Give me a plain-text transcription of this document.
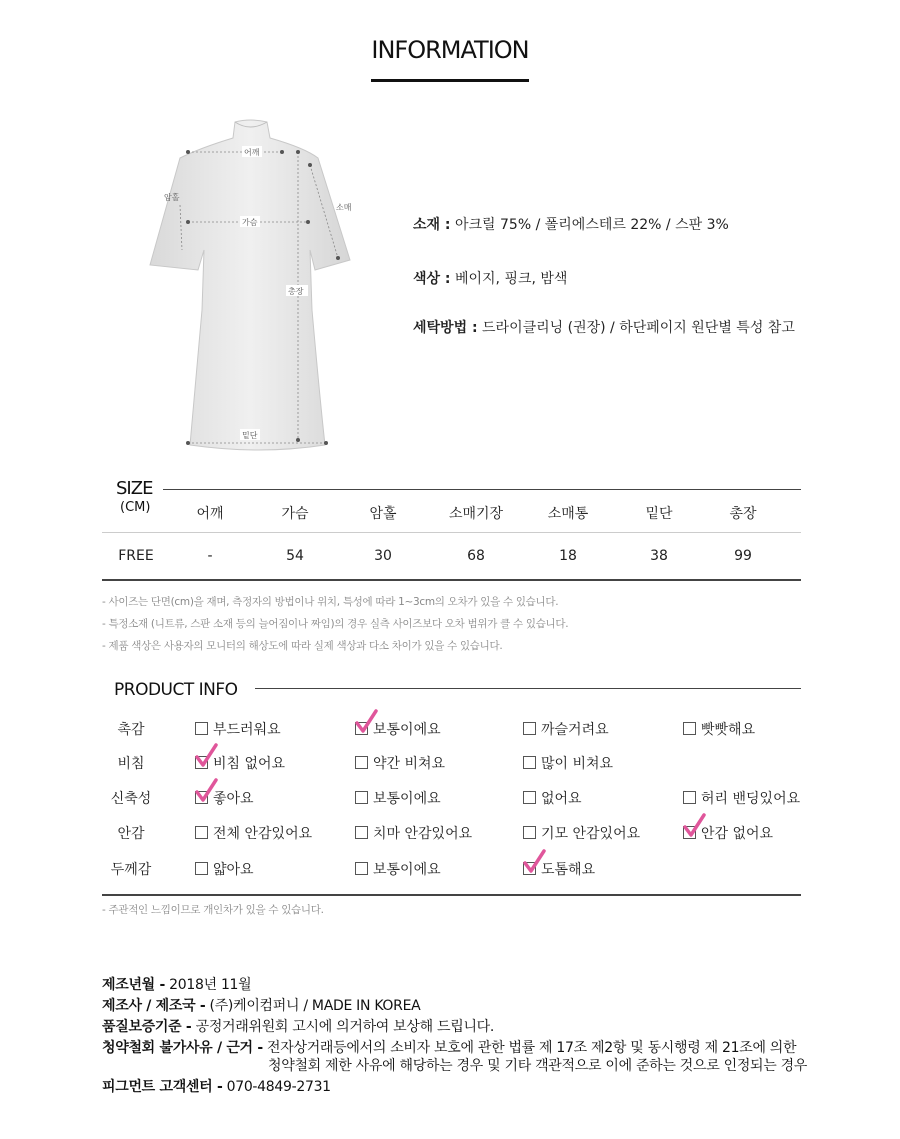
INFORMATION
어깨
가슴
암홀
소매
총장
밑단
소재 : 아크릴 75% / 폴리에스테르 22% / 스판 3%
색상 : 베이지, 핑크, 밤색
세탁방법 : 드라이클리닝 (권장) / 하단페이지 원단별 특성 참고
SIZE
(CM)	어깨	가슴	암홀	소매기장	소매통	밑단	총장
FREE	-	54	30	68	18	38	99
- 사이즈는 단면(cm)을 재며, 측정자의 방법이나 위치, 특성에 따라 1~3cm의 오차가 있을 수 있습니다.
- 특정소재 (니트류, 스판 소재 등의 늘어짐이나 짜임)의 경우 실측 사이즈보다 오차 범위가 클 수 있습니다.
- 제품 색상은 사용자의 모니터의 해상도에 따라 실제 색상과 다소 차이가 있을 수 있습니다.
PRODUCT INFO
촉감	부드러워요	보통이에요	까슬거려요	빳빳해요
비침	비침 없어요	약간 비쳐요	많이 비쳐요
신축성	좋아요	보통이에요	없어요	허리 밴딩있어요
안감	전체 안감있어요	치마 안감있어요	기모 안감있어요	안감 없어요
두께감	얇아요	보통이에요	도톰해요
- 주관적인 느낌이므로 개인차가 있을 수 있습니다.
제조년월 - 2018년 11월
제조사 / 제조국 - (주)케이컴퍼니 / MADE IN KOREA
품질보증기준 - 공정거래위원회 고시에 의거하여 보상해 드립니다.
청약철회 불가사유 / 근거 - 전자상거래등에서의 소비자 보호에 관한 법률 제 17조 제2항 및 동시행령 제 21조에 의한
청약철회 제한 사유에 해당하는 경우 및 기타 객관적으로 이에 준하는 것으로 인정되는 경우
피그먼트 고객센터 - 070-4849-2731
